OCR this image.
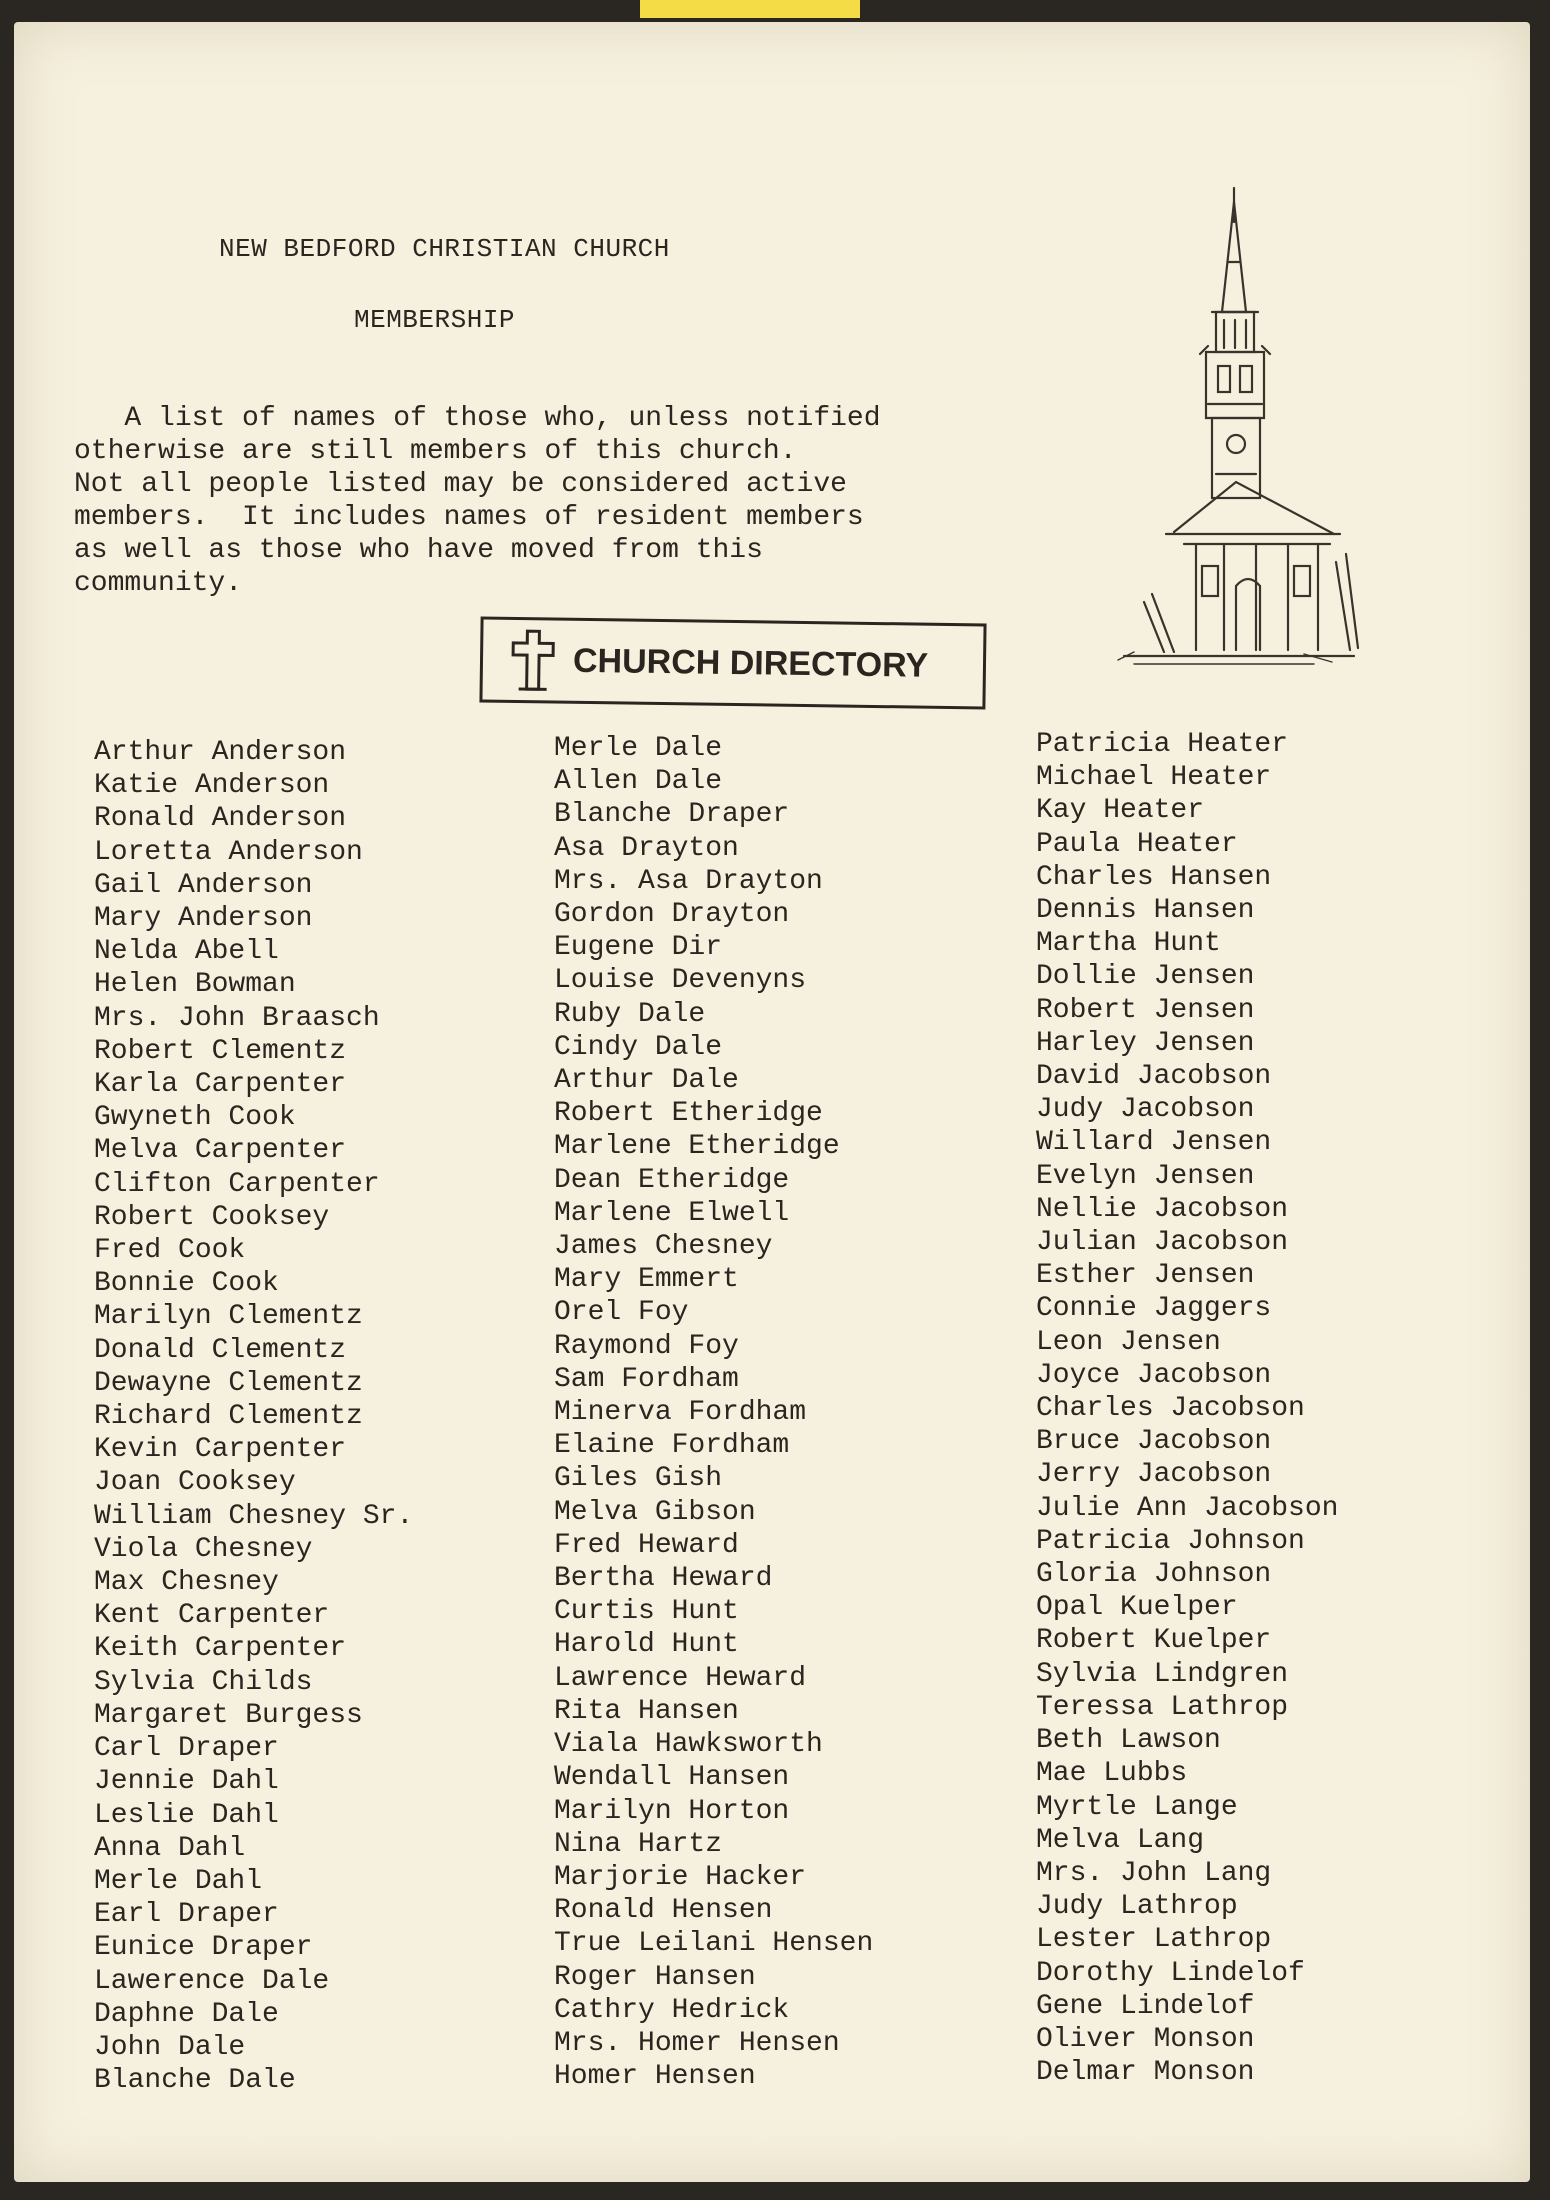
NEW BEDFORD CHRISTIAN CHURCH
MEMBERSHIP

A list of names of those who, unless notified
otherwise are still members of this church.
Not all people listed may be considered active
members.  It includes names of resident members
as well as those who have moved from this
community.

CHURCH DIRECTORY
Arthur Anderson
Katie Anderson
Ronald Anderson
Loretta Anderson
Gail Anderson
Mary Anderson
Nelda Abell
Helen Bowman
Mrs. John Braasch
Robert Clementz
Karla Carpenter
Gwyneth Cook
Melva Carpenter
Clifton Carpenter
Robert Cooksey
Fred Cook
Bonnie Cook
Marilyn Clementz
Donald Clementz
Dewayne Clementz
Richard Clementz
Kevin Carpenter
Joan Cooksey
William Chesney Sr.
Viola Chesney
Max Chesney
Kent Carpenter
Keith Carpenter
Sylvia Childs
Margaret Burgess
Carl Draper
Jennie Dahl
Leslie Dahl
Anna Dahl
Merle Dahl
Earl Draper
Eunice Draper
Lawerence Dale
Daphne Dale
John Dale
Blanche Dale
Merle Dale
Allen Dale
Blanche Draper
Asa Drayton
Mrs. Asa Drayton
Gordon Drayton
Eugene Dir
Louise Devenyns
Ruby Dale
Cindy Dale
Arthur Dale
Robert Etheridge
Marlene Etheridge
Dean Etheridge
Marlene Elwell
James Chesney
Mary Emmert
Orel Foy
Raymond Foy
Sam Fordham
Minerva Fordham
Elaine Fordham
Giles Gish
Melva Gibson
Fred Heward
Bertha Heward
Curtis Hunt
Harold Hunt
Lawrence Heward
Rita Hansen
Viala Hawksworth
Wendall Hansen
Marilyn Horton
Nina Hartz
Marjorie Hacker
Ronald Hensen
True Leilani Hensen
Roger Hansen
Cathry Hedrick
Mrs. Homer Hensen
Homer Hensen
Patricia Heater
Michael Heater
Kay Heater
Paula Heater
Charles Hansen
Dennis Hansen
Martha Hunt
Dollie Jensen
Robert Jensen
Harley Jensen
David Jacobson
Judy Jacobson
Willard Jensen
Evelyn Jensen
Nellie Jacobson
Julian Jacobson
Esther Jensen
Connie Jaggers
Leon Jensen
Joyce Jacobson
Charles Jacobson
Bruce Jacobson
Jerry Jacobson
Julie Ann Jacobson
Patricia Johnson
Gloria Johnson
Opal Kuelper
Robert Kuelper
Sylvia Lindgren
Teressa Lathrop
Beth Lawson
Mae Lubbs
Myrtle Lange
Melva Lang
Mrs. John Lang
Judy Lathrop
Lester Lathrop
Dorothy Lindelof
Gene Lindelof
Oliver Monson
Delmar Monson
